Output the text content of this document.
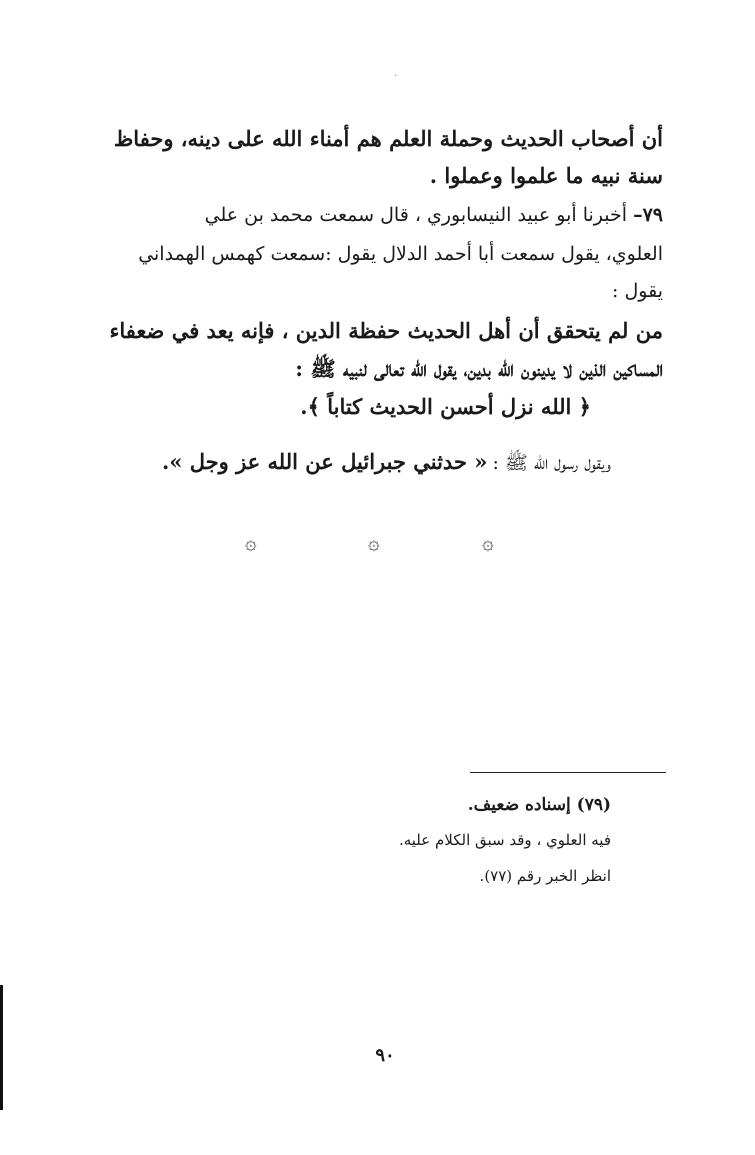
٠
أن أصحاب الحديث وحملة العلم هم أمناء الله على دينه، وحفاظ
سنة نبيه ما علموا وعملوا .
٧٩– أخبرنا أبو عبيد النيسابوري ، قال سمعت محمد بن علي
العلوي، يقول سمعت أبا أحمد الدلال يقول :سمعت كهمس الهمداني
يقول :
من لم يتحقق أن أهل الحديث حفظة الدين ، فإنه يعد في ضعفاء
المساكين الذين لا يدينون الله بدين، يقول الله تعالى لنبيه ﷺ :
﴿ الله نزل أحسن الحديث كتاباً ﴾.
ويقول رسول الله ﷺ : « حدثني جبرائيل عن الله عز وجل ».
۞
۞
۞
(٧٩) إسناده ضعيف.
فيه العلوي ، وقد سبق الكلام عليه.
انظر الخبر رقم (٧٧).
٩٠
